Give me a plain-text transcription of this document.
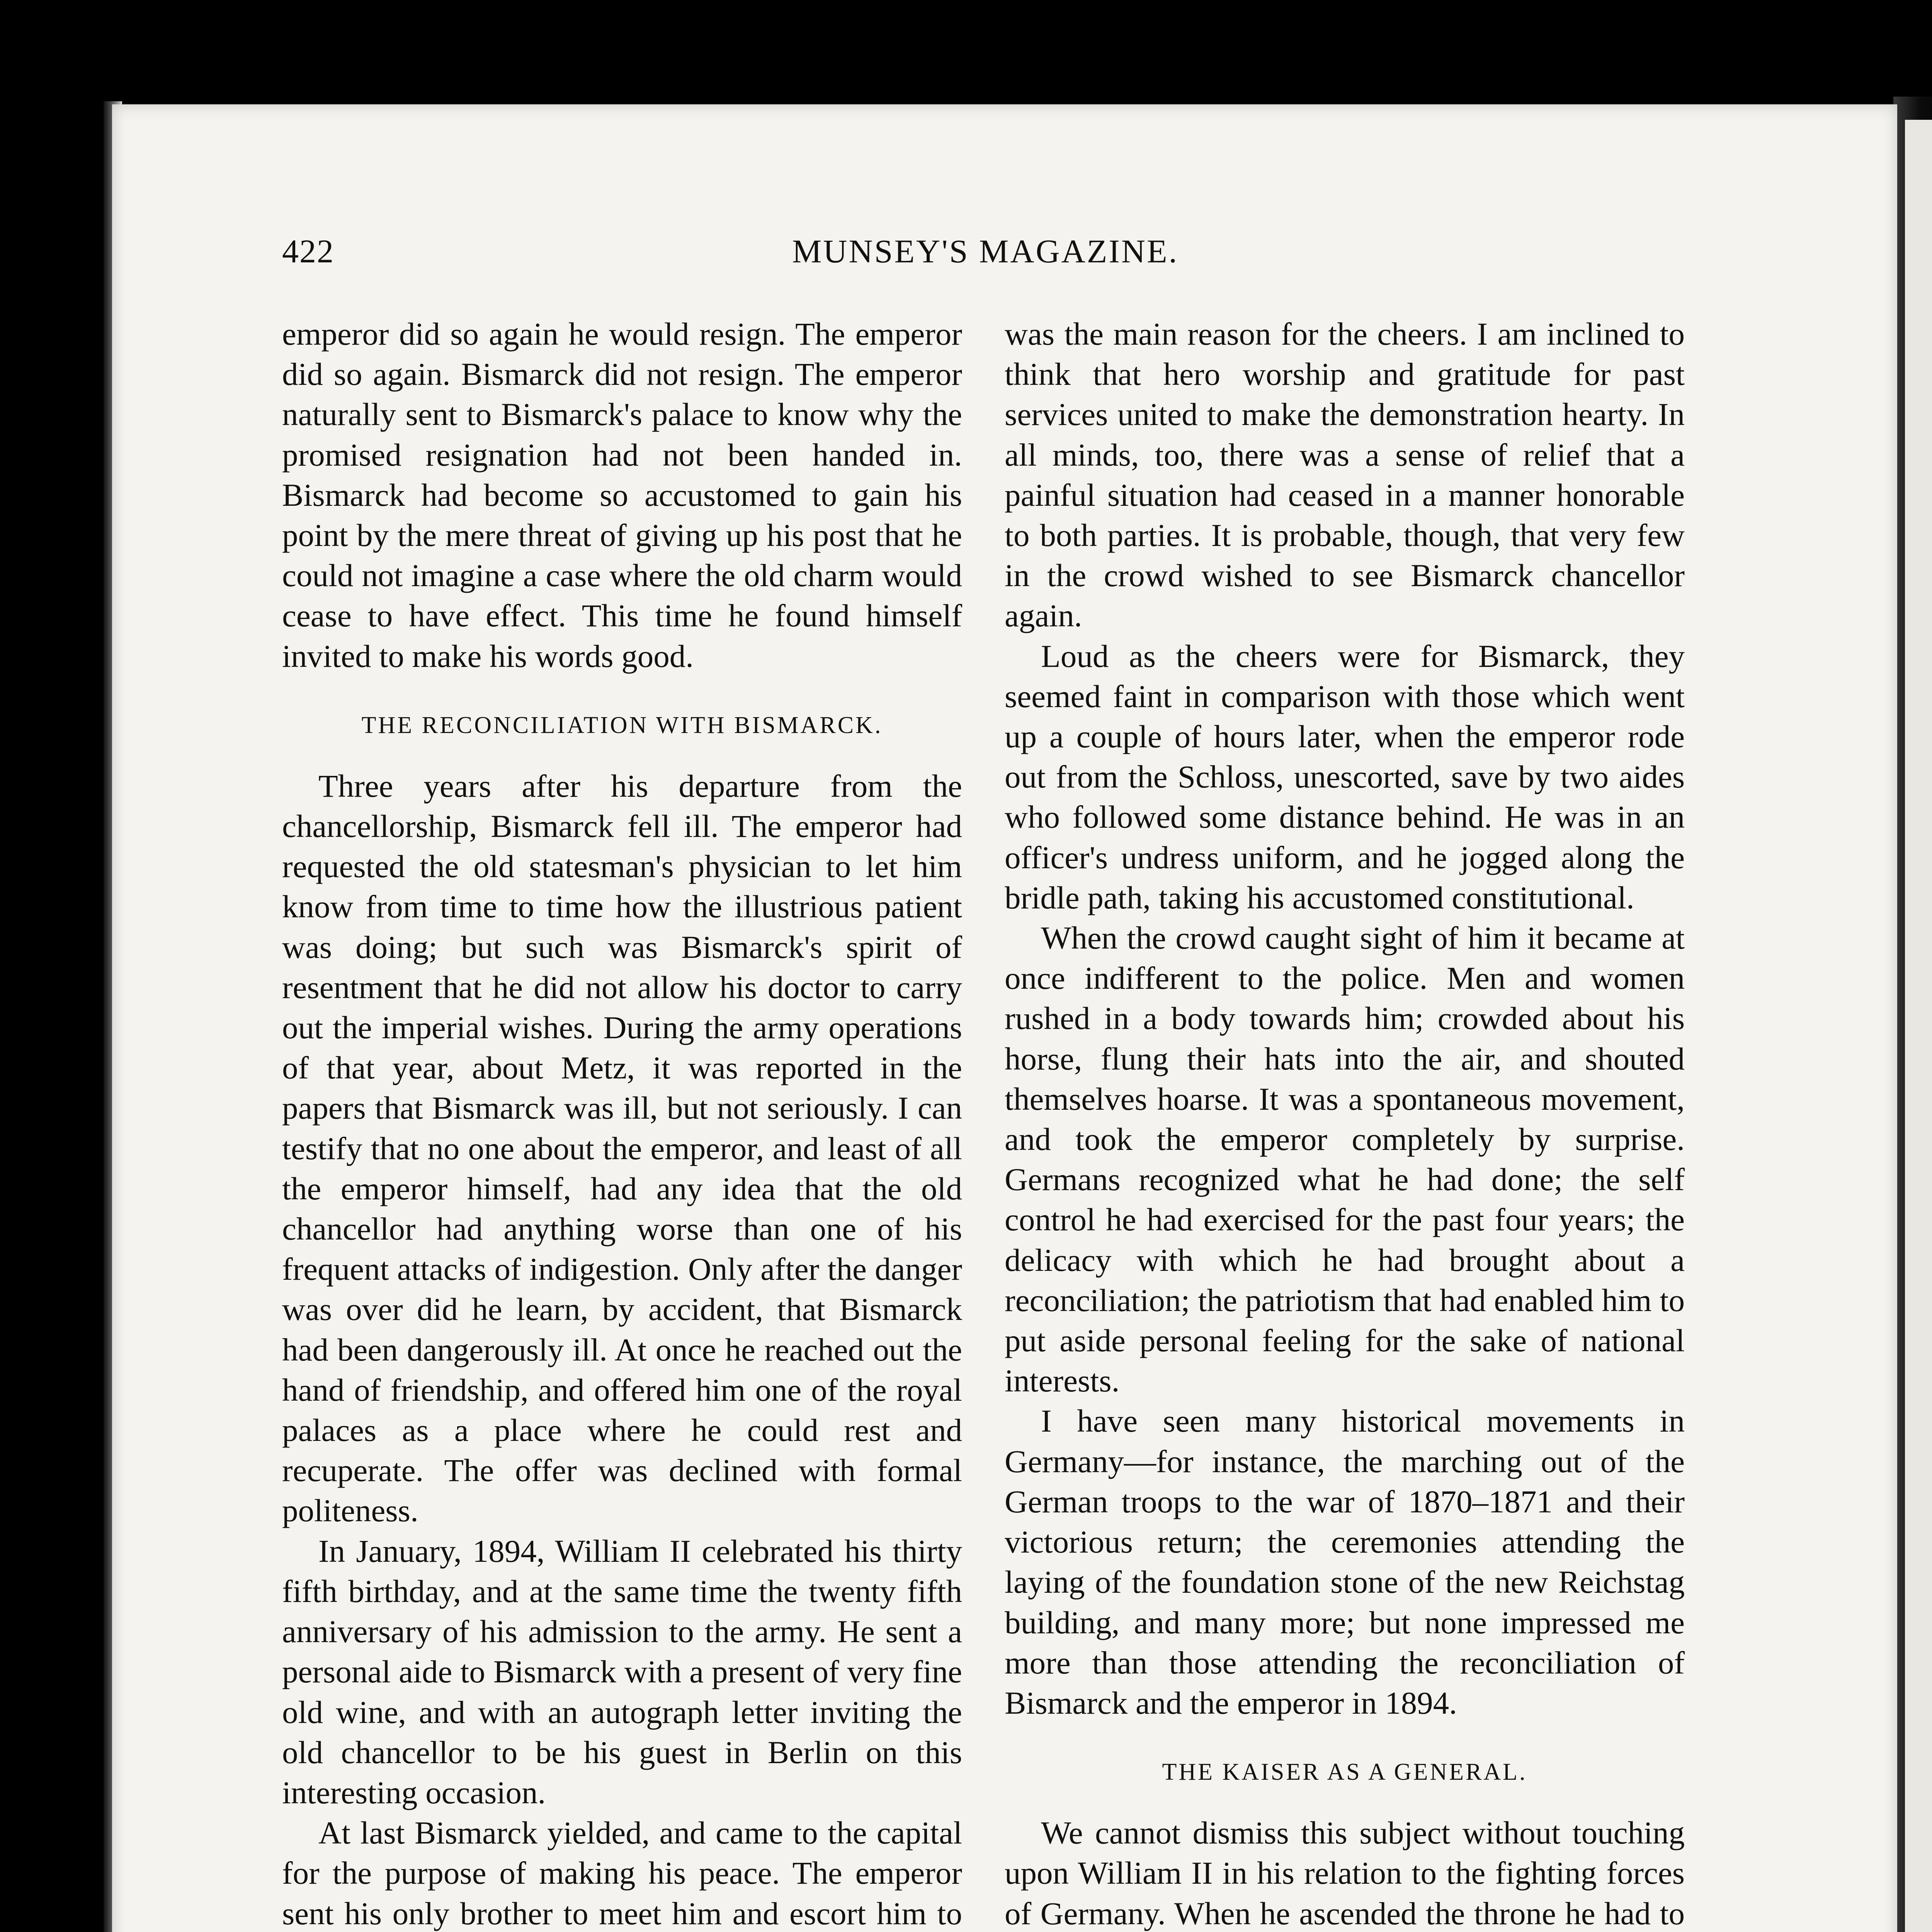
422	MUNSEY'S MAGAZINE.

emperor did so again he would resign. The emperor did so again. Bismarck did not resign. The emperor naturally sent to Bismarck's palace to know why the promised resignation had not been handed in. Bismarck had become so accustomed to gain his point by the mere threat of giving up his post that he could not imagine a case where the old charm would cease to have effect. This time he found himself invited to make his words good.

THE RECONCILIATION WITH BISMARCK.

Three years after his departure from the chancellorship, Bismarck fell ill. The emperor had requested the old statesman's physician to let him know from time to time how the illustrious patient was doing; but such was Bismarck's spirit of resentment that he did not allow his doctor to carry out the imperial wishes. During the army operations of that year, about Metz, it was reported in the papers that Bismarck was ill, but not seriously. I can testify that no one about the emperor, and least of all the emperor himself, had any idea that the old chancellor had anything worse than one of his frequent attacks of indigestion. Only after the danger was over did he learn, by accident, that Bismarck had been dangerously ill. At once he reached out the hand of friendship, and offered him one of the royal palaces as a place where he could rest and recuperate. The offer was declined with formal politeness.

In January, 1894, William II celebrated his thirty fifth birthday, and at the same time the twenty fifth anniversary of his admission to the army. He sent a personal aide to Bismarck with a present of very fine old wine, and with an autograph letter inviting the old chancellor to be his guest in Berlin on this interesting occasion.

At last Bismarck yielded, and came to the capital for the purpose of making his peace. The emperor sent his only brother to meet him and escort him to

was the main reason for the cheers. I am inclined to think that hero worship and gratitude for past services united to make the demonstration hearty. In all minds, too, there was a sense of relief that a painful situation had ceased in a manner honorable to both parties. It is probable, though, that very few in the crowd wished to see Bismarck chancellor again.

Loud as the cheers were for Bismarck, they seemed faint in comparison with those which went up a couple of hours later, when the emperor rode out from the Schloss, unescorted, save by two aides who followed some distance behind. He was in an officer's undress uniform, and he jogged along the bridle path, taking his accustomed constitutional.

When the crowd caught sight of him it became at once indifferent to the police. Men and women rushed in a body towards him; crowded about his horse, flung their hats into the air, and shouted themselves hoarse. It was a spontaneous movement, and took the emperor completely by surprise. Germans recognized what he had done; the self control he had exercised for the past four years; the delicacy with which he had brought about a reconciliation; the patriotism that had enabled him to put aside personal feeling for the sake of national interests.

I have seen many historical movements in Germany—for instance, the marching out of the German troops to the war of 1870–1871 and their victorious return; the ceremonies attending the laying of the foundation stone of the new Reichstag building, and many more; but none impressed me more than those attending the reconciliation of Bismarck and the emperor in 1894.

THE KAISER AS A GENERAL.

We cannot dismiss this subject without touching upon William II in his relation to the fighting forces of Germany. When he ascended the throne he had to
